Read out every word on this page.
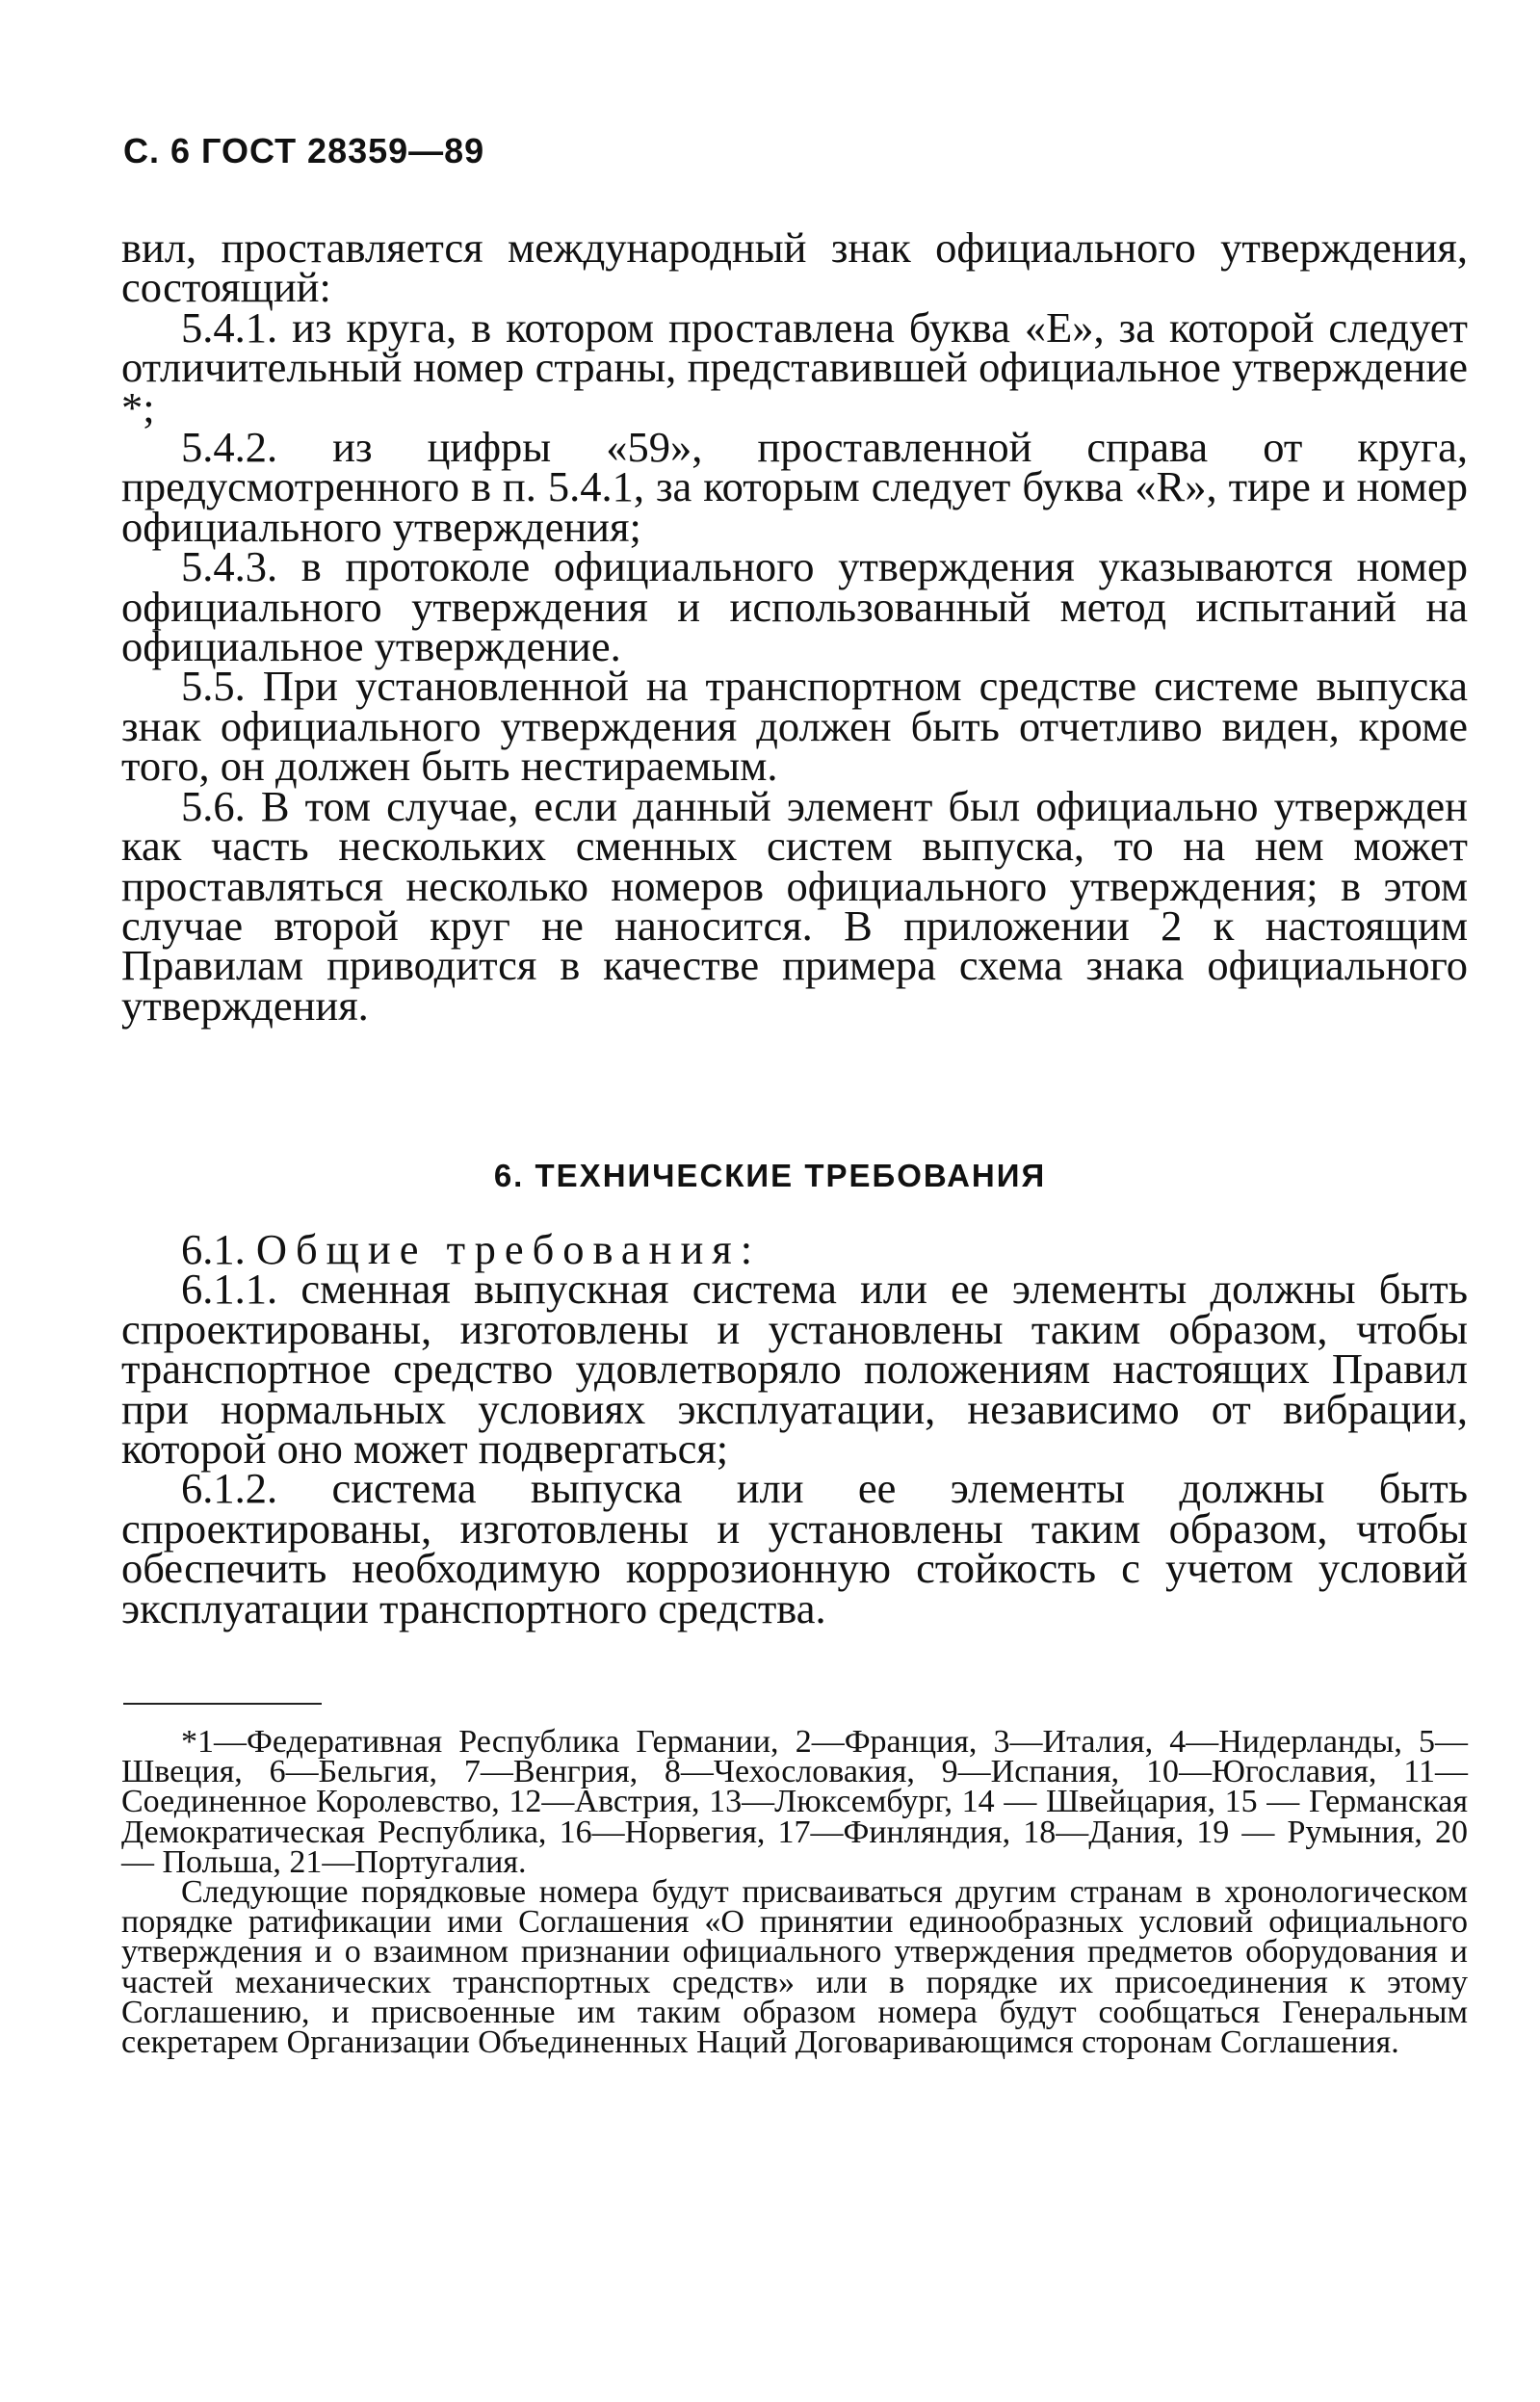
С. 6 ГОСТ 28359—89

вил, проставляется международный знак официального утверждения, состоящий:

5.4.1. из круга, в котором проставлена буква «E», за которой следует отличительный номер страны, представившей официальное утверждение *;

5.4.2. из цифры «59», проставленной справа от круга, предусмотренного в п. 5.4.1, за которым следует буква «R», тире и номер официального утверждения;

5.4.3. в протоколе официального утверждения указываются номер официального утверждения и использованный метод испытаний на официальное утверждение.

5.5. При установленной на транспортном средстве системе выпуска знак официального утверждения должен быть отчетливо виден, кроме того, он должен быть нестираемым.

5.6. В том случае, если данный элемент был официально утвержден как часть нескольких сменных систем выпуска, то на нем может проставляться несколько номеров официального утверждения; в этом случае второй круг не наносится. В приложении 2 к настоящим Правилам приводится в качестве примера схема знака официального утверждения.

6. ТЕХНИЧЕСКИЕ ТРЕБОВАНИЯ

6.1. Общие требования:

6.1.1. сменная выпускная система или ее элементы должны быть спроектированы, изготовлены и установлены таким образом, чтобы транспортное средство удовлетворяло положениям настоящих Правил при нормальных условиях эксплуатации, независимо от вибрации, которой оно может подвергаться;

6.1.2. система выпуска или ее элементы должны быть спроектированы, изготовлены и установлены таким образом, чтобы обеспечить необходимую коррозионную стойкость с учетом условий эксплуатации транспортного средства.

*1—Федеративная Республика Германии, 2—Франция, 3—Италия, 4—Нидерланды, 5—Швеция, 6—Бельгия, 7—Венгрия, 8—Чехословакия, 9—Испания, 10—Югославия, 11—Соединенное Королевство, 12—Австрия, 13—Люксембург, 14 — Швейцария, 15 — Германская Демократическая Республика, 16—Норвегия, 17—Финляндия, 18—Дания, 19 — Румыния, 20 — Польша, 21—Португалия.

Следующие порядковые номера будут присваиваться другим странам в хронологическом порядке ратификации ими Соглашения «О принятии единообразных условий официального утверждения и о взаимном признании официального утверждения предметов оборудования и частей механических транспортных средств» или в порядке их присоединения к этому Соглашению, и присвоенные им таким образом номера будут сообщаться Генеральным секретарем Организации Объединенных Наций Договаривающимся сторонам Соглашения.
